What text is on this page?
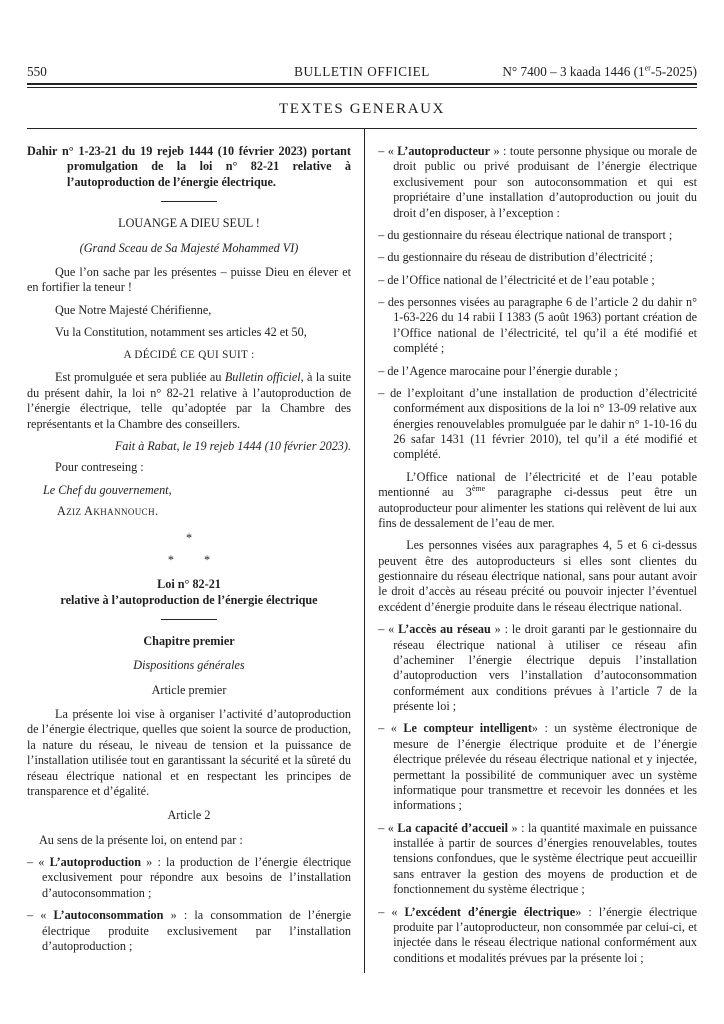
550	BULLETIN OFFICIEL	N° 7400 – 3 kaada 1446 (1er-5-2025)
TEXTES GENERAUX
Dahir n° 1-23-21 du 19 rejeb 1444 (10 février 2023) portant promulgation de la loi n° 82-21 relative à l’autoproduction de l’énergie électrique.
LOUANGE A DIEU SEUL !
(Grand Sceau de Sa Majesté Mohammed VI)
Que l’on sache par les présentes – puisse Dieu en élever et en fortifier la teneur !
Que Notre Majesté Chérifienne,
Vu la Constitution, notamment ses articles 42 et 50,
A DÉCIDÉ CE QUI SUIT :
Est promulguée et sera publiée au Bulletin officiel, à la suite du présent dahir, la loi n° 82-21 relative à l’autoproduction de l’énergie électrique, telle qu’adoptée par la Chambre des représentants et la Chambre des conseillers.
Fait à Rabat, le 19 rejeb 1444 (10 février 2023).
Pour contreseing :
Le Chef du gouvernement,
Aziz Akhannouch.
*
* *
Loi n° 82-21
relative à l’autoproduction de l’énergie électrique
Chapitre premier
Dispositions générales
Article premier
La présente loi vise à organiser l’activité d’autoproduction de l’énergie électrique, quelles que soient la source de production, la nature du réseau, le niveau de tension et la puissance de l’installation utilisée tout en garantissant la sécurité et la sûreté du réseau électrique national et en respectant les principes de transparence et d’égalité.
Article 2
Au sens de la présente loi, on entend par :
– « L’autoproduction » : la production de l’énergie électrique exclusivement pour répondre aux besoins de l’installation d’autoconsommation ;
– « L’autoconsommation » : la consommation de l’énergie électrique produite exclusivement par l’installation d’autoproduction ;
– « L’autoproducteur » : toute personne physique ou morale de droit public ou privé produisant de l’énergie électrique exclusivement pour son autoconsommation et qui est propriétaire d’une installation d’autoproduction ou jouit du droit d’en disposer, à l’exception :
– du gestionnaire du réseau électrique national de transport ;
– du gestionnaire du réseau de distribution d’électricité ;
– de l’Office national de l’électricité et de l’eau potable ;
– des personnes visées au paragraphe 6 de l’article 2 du dahir n° 1-63-226 du 14 rabii I 1383 (5 août 1963) portant création de l’Office national de l’électricité, tel qu’il a été modifié et complété ;
– de l’Agence marocaine pour l’énergie durable ;
– de l’exploitant d’une installation de production d’électricité conformément aux dispositions de la loi n° 13-09 relative aux énergies renouvelables promulguée par le dahir n° 1-10-16 du 26 safar 1431 (11 février 2010), tel qu’il a été modifié et complété.
L’Office national de l’électricité et de l’eau potable mentionné au 3ème paragraphe ci-dessus peut être un autoproducteur pour alimenter les stations qui relèvent de lui aux fins de dessalement de l’eau de mer.
Les personnes visées aux paragraphes 4, 5 et 6 ci-dessus peuvent être des autoproducteurs si elles sont clientes du gestionnaire du réseau électrique national, sans pour autant avoir le droit d’accès au réseau précité ou pouvoir injecter l’éventuel excédent d’énergie produite dans le réseau électrique national.
– « L’accès au réseau » : le droit garanti par le gestionnaire du réseau électrique national à utiliser ce réseau afin d’acheminer l’énergie électrique depuis l’installation d’autoproduction vers l’installation d’autoconsommation conformément aux conditions prévues à l’article 7 de la présente loi ;
– « Le compteur intelligent» : un système électronique de mesure de l’énergie électrique produite et de l’énergie électrique prélevée du réseau électrique national et y injectée, permettant la possibilité de communiquer avec un système informatique pour transmettre et recevoir les données et les informations ;
– « La capacité d’accueil » : la quantité maximale en puissance installée à partir de sources d’énergies renouvelables, toutes tensions confondues, que le système électrique peut accueillir sans entraver la gestion des moyens de production et de fonctionnement du système électrique ;
– « L’excédent d’énergie électrique» : l’énergie électrique produite par l’autoproducteur, non consommée par celui-ci, et injectée dans le réseau électrique national conformément aux conditions et modalités prévues par la présente loi ;
